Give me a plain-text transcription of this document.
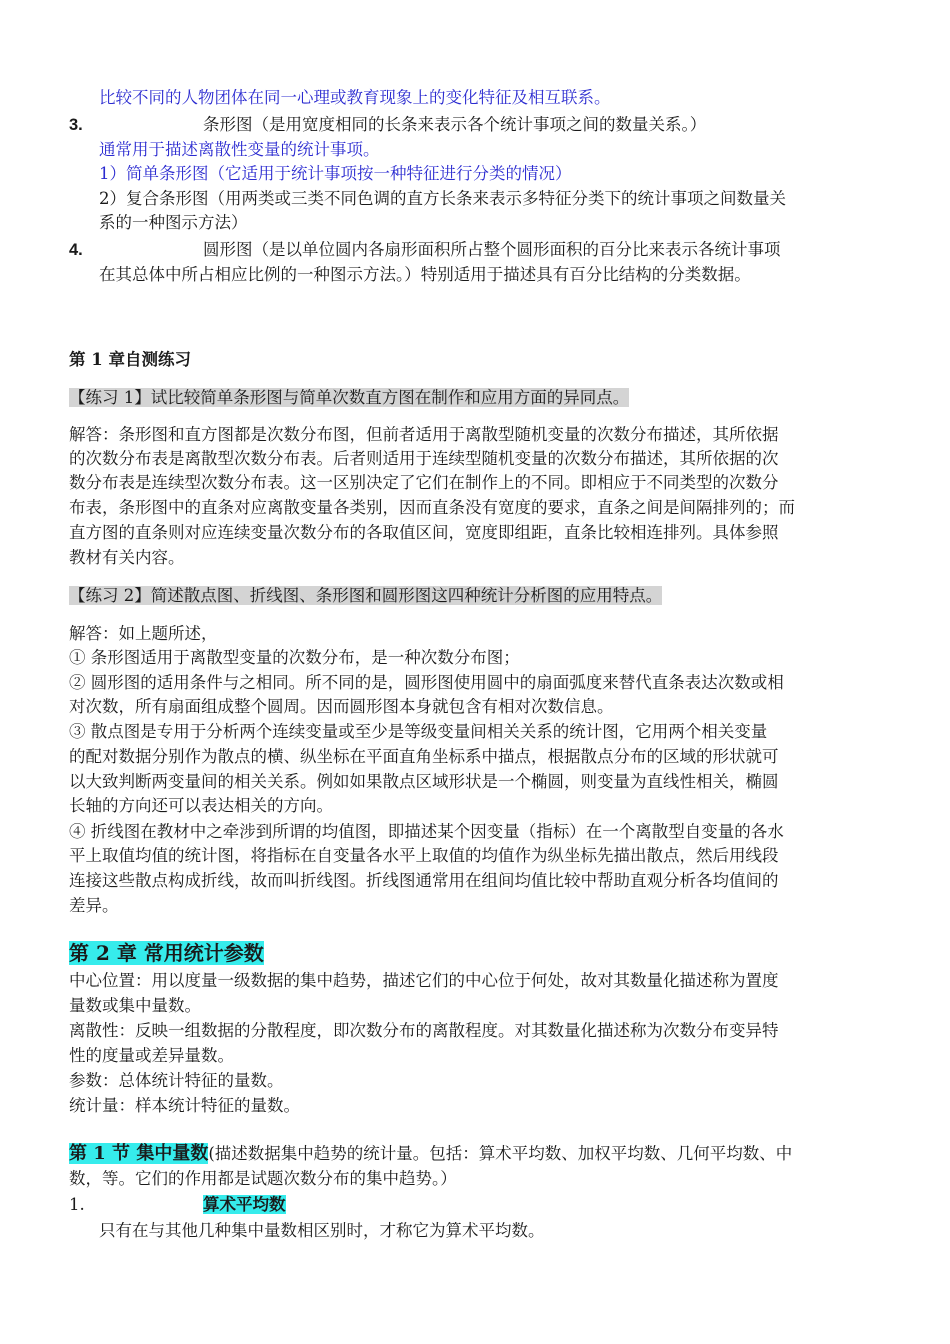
比较不同的人物团体在同一心理或教育现象上的变化特征及相互联系。
3.	条形图（是用宽度相同的长条来表示各个统计事项之间的数量关系。）
通常用于描述离散性变量的统计事项。
1）简单条形图（它适用于统计事项按一种特征进行分类的情况）
2）复合条形图（用两类或三类不同色调的直方长条来表示多特征分类下的统计事项之间数量关
系的一种图示方法）
4.	圆形图（是以单位圆内各扇形面积所占整个圆形面积的百分比来表示各统计事项
在其总体中所占相应比例的一种图示方法。）特别适用于描述具有百分比结构的分类数据。
第 1 章自测练习
【练习 1】试比较简单条形图与简单次数直方图在制作和应用方面的异同点。
解答：条形图和直方图都是次数分布图，但前者适用于离散型随机变量的次数分布描述，其所依据
的次数分布表是离散型次数分布表。后者则适用于连续型随机变量的次数分布描述，其所依据的次
数分布表是连续型次数分布表。这一区别决定了它们在制作上的不同。即相应于不同类型的次数分
布表，条形图中的直条对应离散变量各类别，因而直条没有宽度的要求，直条之间是间隔排列的；而
直方图的直条则对应连续变量次数分布的各取值区间，宽度即组距，直条比较相连排列。具体参照
教材有关内容。
【练习 2】简述散点图、折线图、条形图和圆形图这四种统计分析图的应用特点。
解答：如上题所述，
① 条形图适用于离散型变量的次数分布，是一种次数分布图；
② 圆形图的适用条件与之相同。所不同的是，圆形图使用圆中的扇面弧度来替代直条表达次数或相
对次数，所有扇面组成整个圆周。因而圆形图本身就包含有相对次数信息。
③ 散点图是专用于分析两个连续变量或至少是等级变量间相关关系的统计图，它用两个相关变量
的配对数据分别作为散点的横、纵坐标在平面直角坐标系中描点，根据散点分布的区域的形状就可
以大致判断两变量间的相关关系。例如如果散点区域形状是一个椭圆，则变量为直线性相关，椭圆
长轴的方向还可以表达相关的方向。
④ 折线图在教材中之牵涉到所谓的均值图，即描述某个因变量（指标）在一个离散型自变量的各水
平上取值均值的统计图，将指标在自变量各水平上取值的均值作为纵坐标先描出散点，然后用线段
连接这些散点构成折线，故而叫折线图。折线图通常用在组间均值比较中帮助直观分析各均值间的
差异。
第 2 章 常用统计参数
中心位置：用以度量一级数据的集中趋势，描述它们的中心位于何处，故对其数量化描述称为置度
量数或集中量数。
离散性：反映一组数据的分散程度，即次数分布的离散程度。对其数量化描述称为次数分布变异特
性的度量或差异量数。
参数：总体统计特征的量数。
统计量：样本统计特征的量数。
第 1 节 集中量数(描述数据集中趋势的统计量。包括：算术平均数、加权平均数、几何平均数、中
数，等。它们的作用都是试题次数分布的集中趋势。）
1.	算术平均数
只有在与其他几种集中量数相区别时，才称它为算术平均数。
